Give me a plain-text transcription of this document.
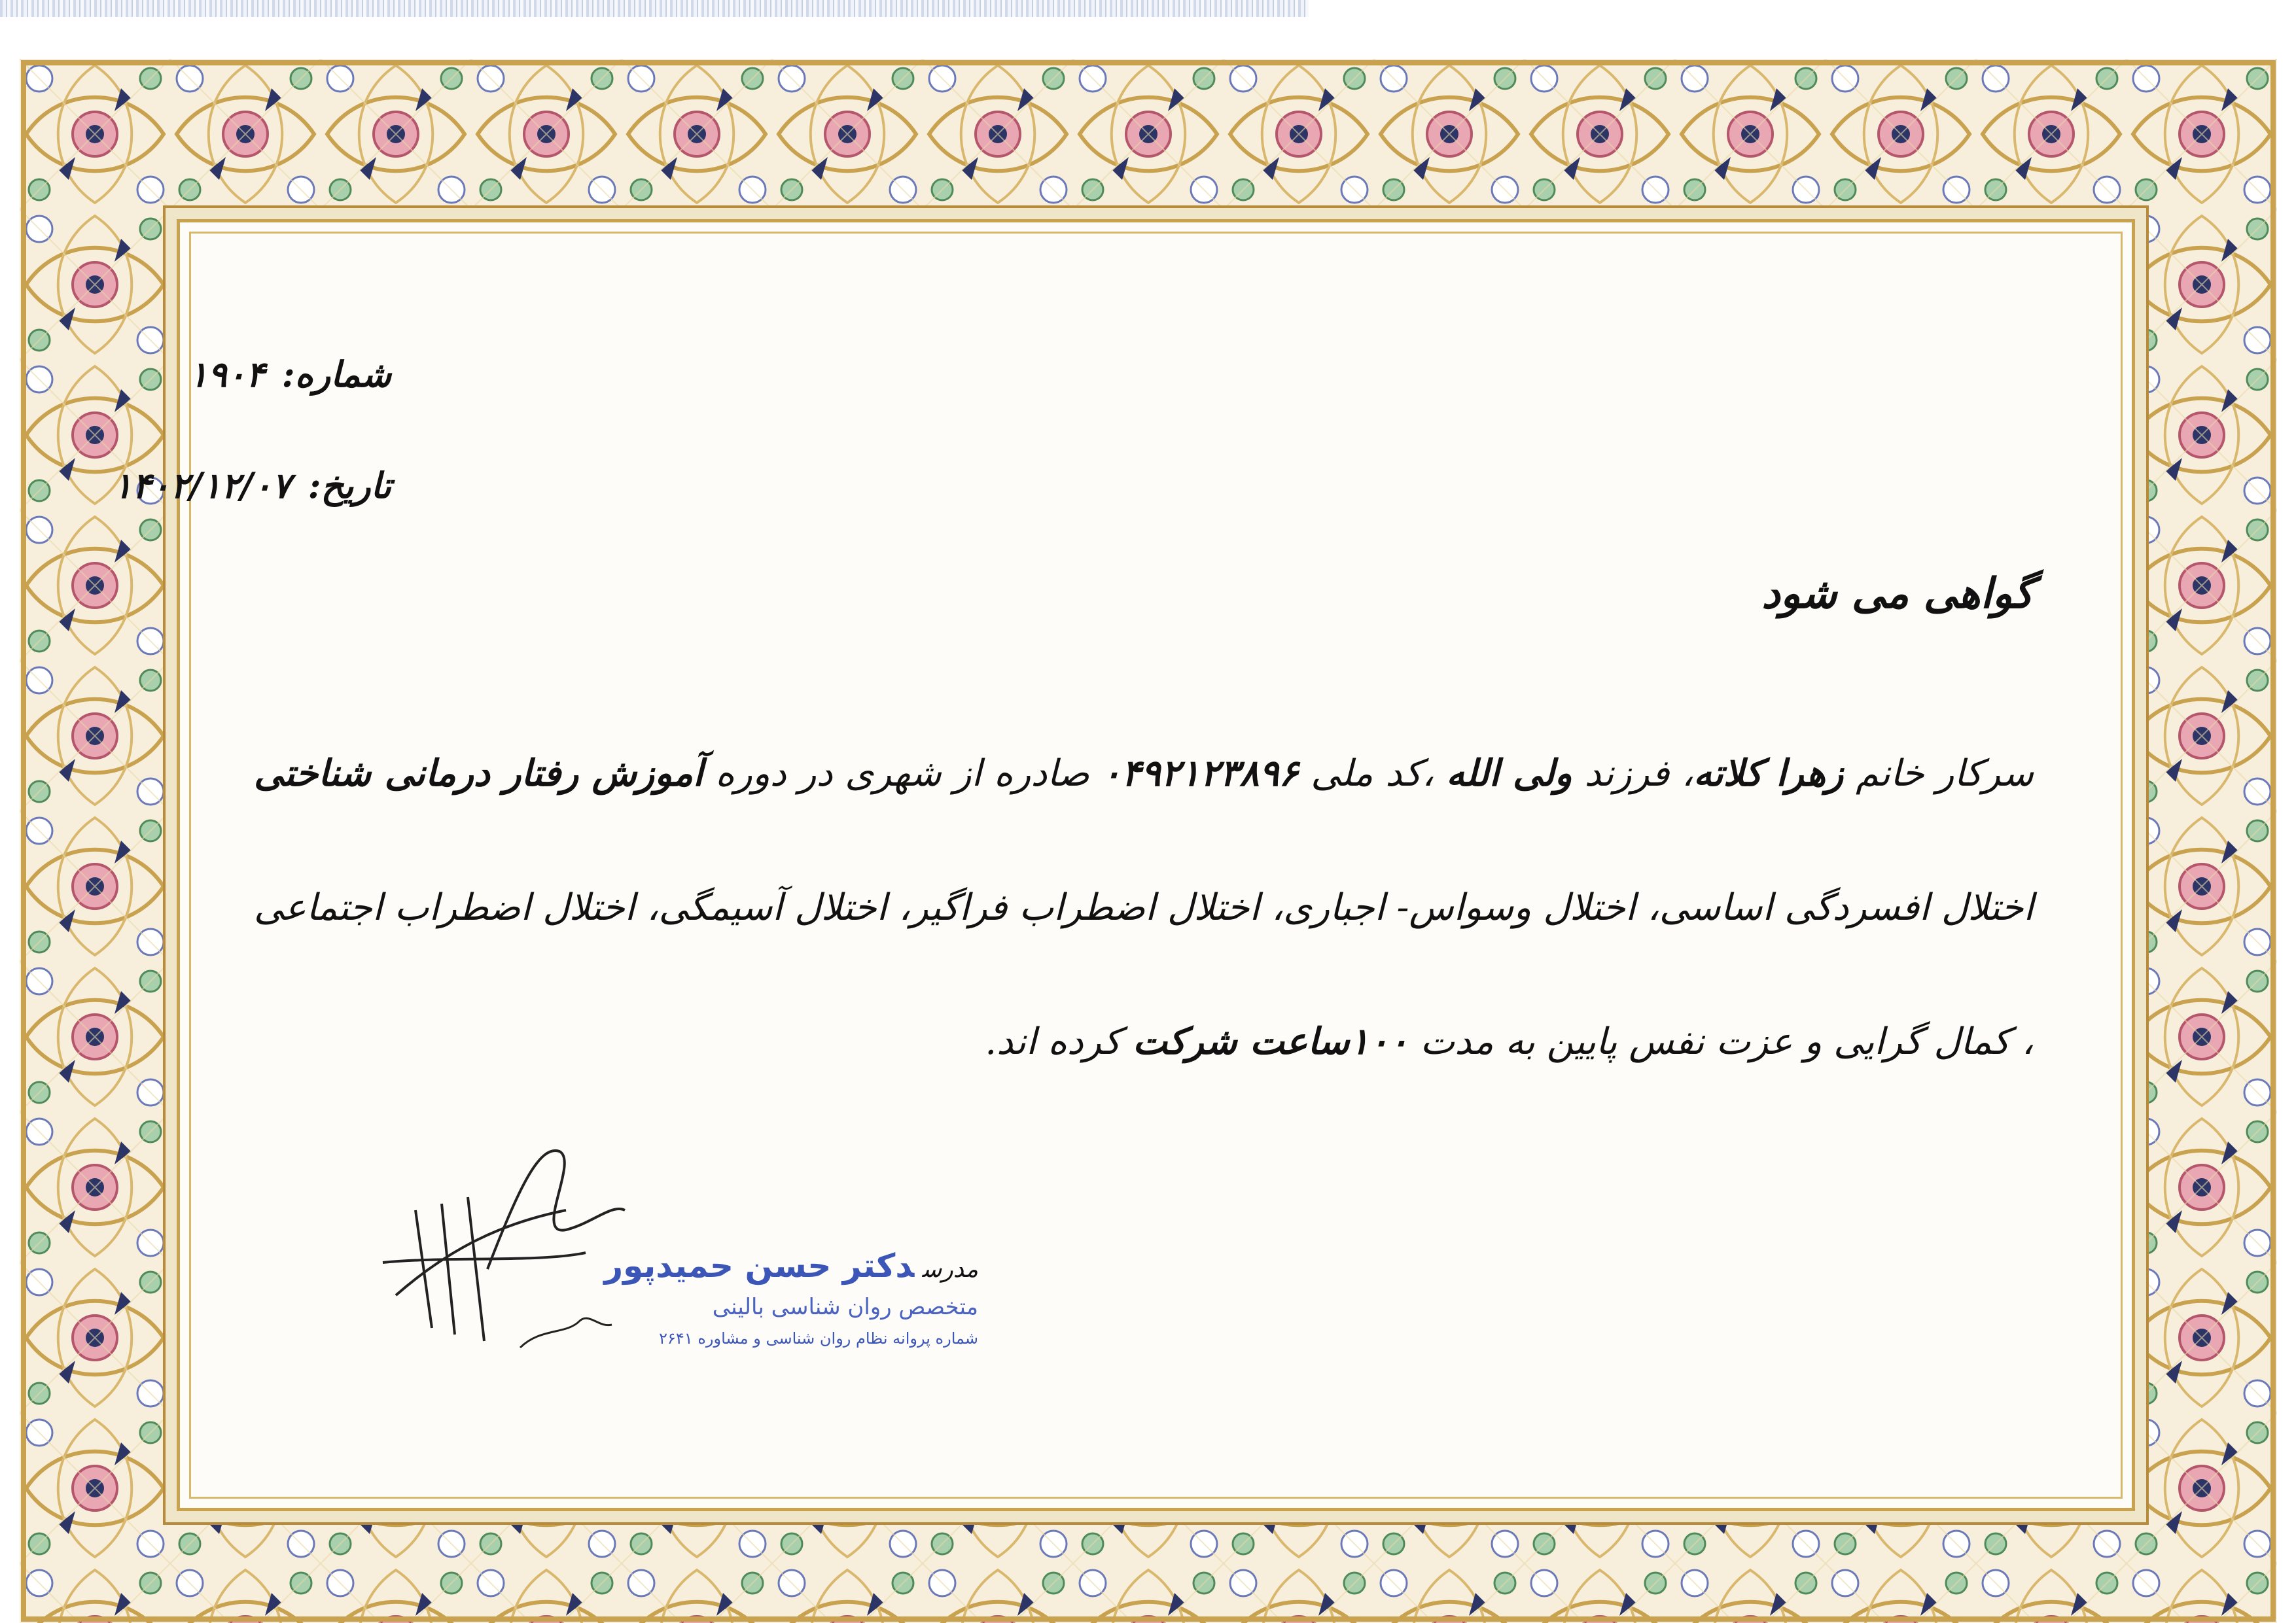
شماره:۱۹۰۴
تاریخ:۱۴۰۲/۱۲/۰۷
گواهی می شود
سرکار خانم زهرا کلاته، فرزند ولی الله ،کد ملی ۰۴۹۲۱۲۳۸۹۶ صادره از شهری در دوره آموزش رفتار درمانی شناختی اختلال افسردگی اساسی، اختلال وسواس- اجباری، اختلال اضطراب فراگیر، اختلال آسیمگی، اختلال اضطراب اجتماعی ، کمال گرایی و عزت نفس پایین به مدت ۱۰۰ساعت شرکت کرده اند.
مدرسدکتر حسن حمیدپور
متخصص روان شناسی بالینی
شماره پروانه نظام روان شناسی و مشاوره ۲۶۴۱
